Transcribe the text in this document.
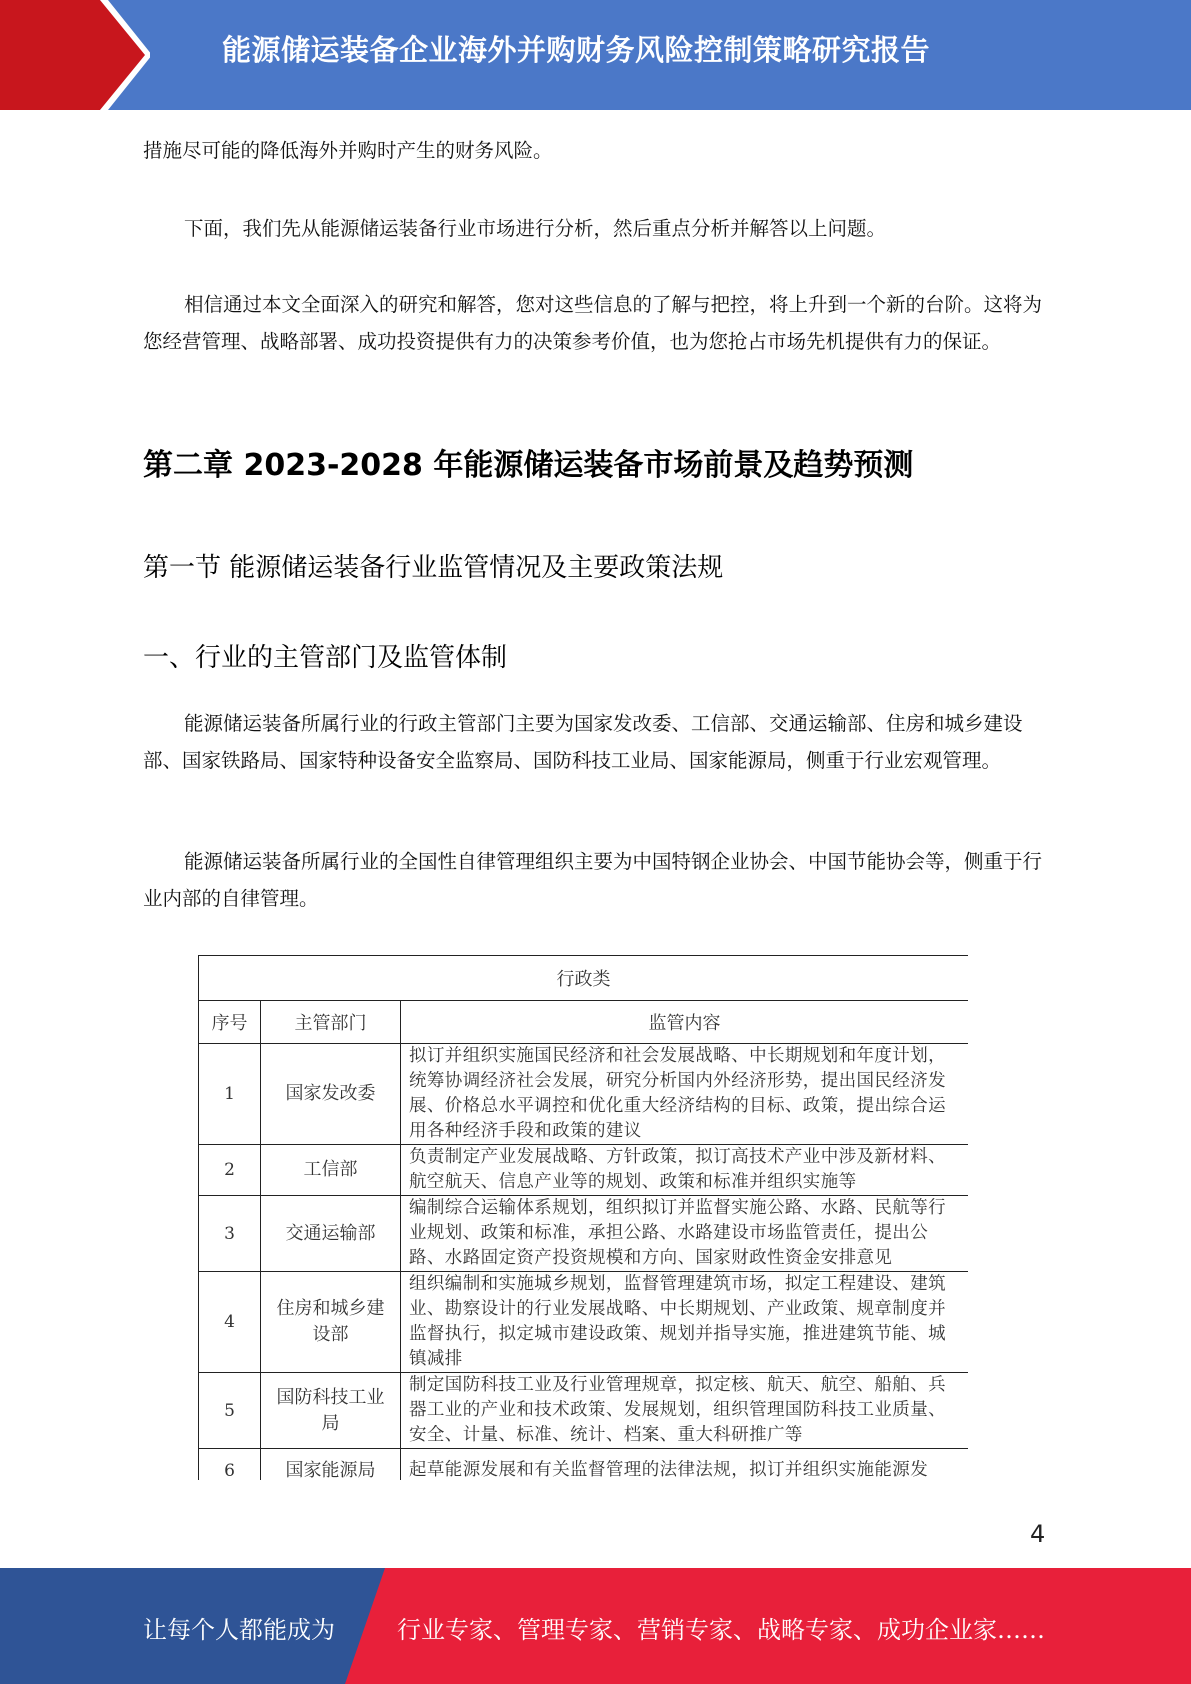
能源储运装备企业海外并购财务风险控制策略研究报告
措施尽可能的降低海外并购时产生的财务风险。
下面，我们先从能源储运装备行业市场进行分析，然后重点分析并解答以上问题。
相信通过本文全面深入的研究和解答，您对这些信息的了解与把控，将上升到一个新的台阶。这将为您经营管理、战略部署、成功投资提供有力的决策参考价值，也为您抢占市场先机提供有力的保证。
第二章 2023-2028 年能源储运装备市场前景及趋势预测
第一节 能源储运装备行业监管情况及主要政策法规
一、行业的主管部门及监管体制
能源储运装备所属行业的行政主管部门主要为国家发改委、工信部、交通运输部、住房和城乡建设部、国家铁路局、国家特种设备安全监察局、国防科技工业局、国家能源局，侧重于行业宏观管理。
能源储运装备所属行业的全国性自律管理组织主要为中国特钢企业协会、中国节能协会等，侧重于行业内部的自律管理。
行政类		
序号	主管部门	监管内容
1	国家发改委	拟订并组织实施国民经济和社会发展战略、中长期规划和年度计划，统筹协调经济社会发展，研究分析国内外经济形势，提出国民经济发展、价格总水平调控和优化重大经济结构的目标、政策，提出综合运用各种经济手段和政策的建议
2	工信部	负责制定产业发展战略、方针政策，拟订高技术产业中涉及新材料、航空航天、信息产业等的规划、政策和标准并组织实施等
3	交通运输部	编制综合运输体系规划，组织拟订并监督实施公路、水路、民航等行业规划、政策和标准，承担公路、水路建设市场监管责任，提出公路、水路固定资产投资规模和方向、国家财政性资金安排意见
4	住房和城乡建设部	组织编制和实施城乡规划，监督管理建筑市场，拟定工程建设、建筑业、勘察设计的行业发展战略、中长期规划、产业政策、规章制度并监督执行，拟定城市建设政策、规划并指导实施，推进建筑节能、城镇减排
5	国防科技工业局	制定国防科技工业及行业管理规章，拟定核、航天、航空、船舶、兵器工业的产业和技术政策、发展规划，组织管理国防科技工业质量、安全、计量、标准、统计、档案、重大科研推广等
6	国家能源局	起草能源发展和有关监督管理的法律法规，拟订并组织实施能源发
4
让每个人都能成为	行业专家、管理专家、营销专家、战略专家、成功企业家……
